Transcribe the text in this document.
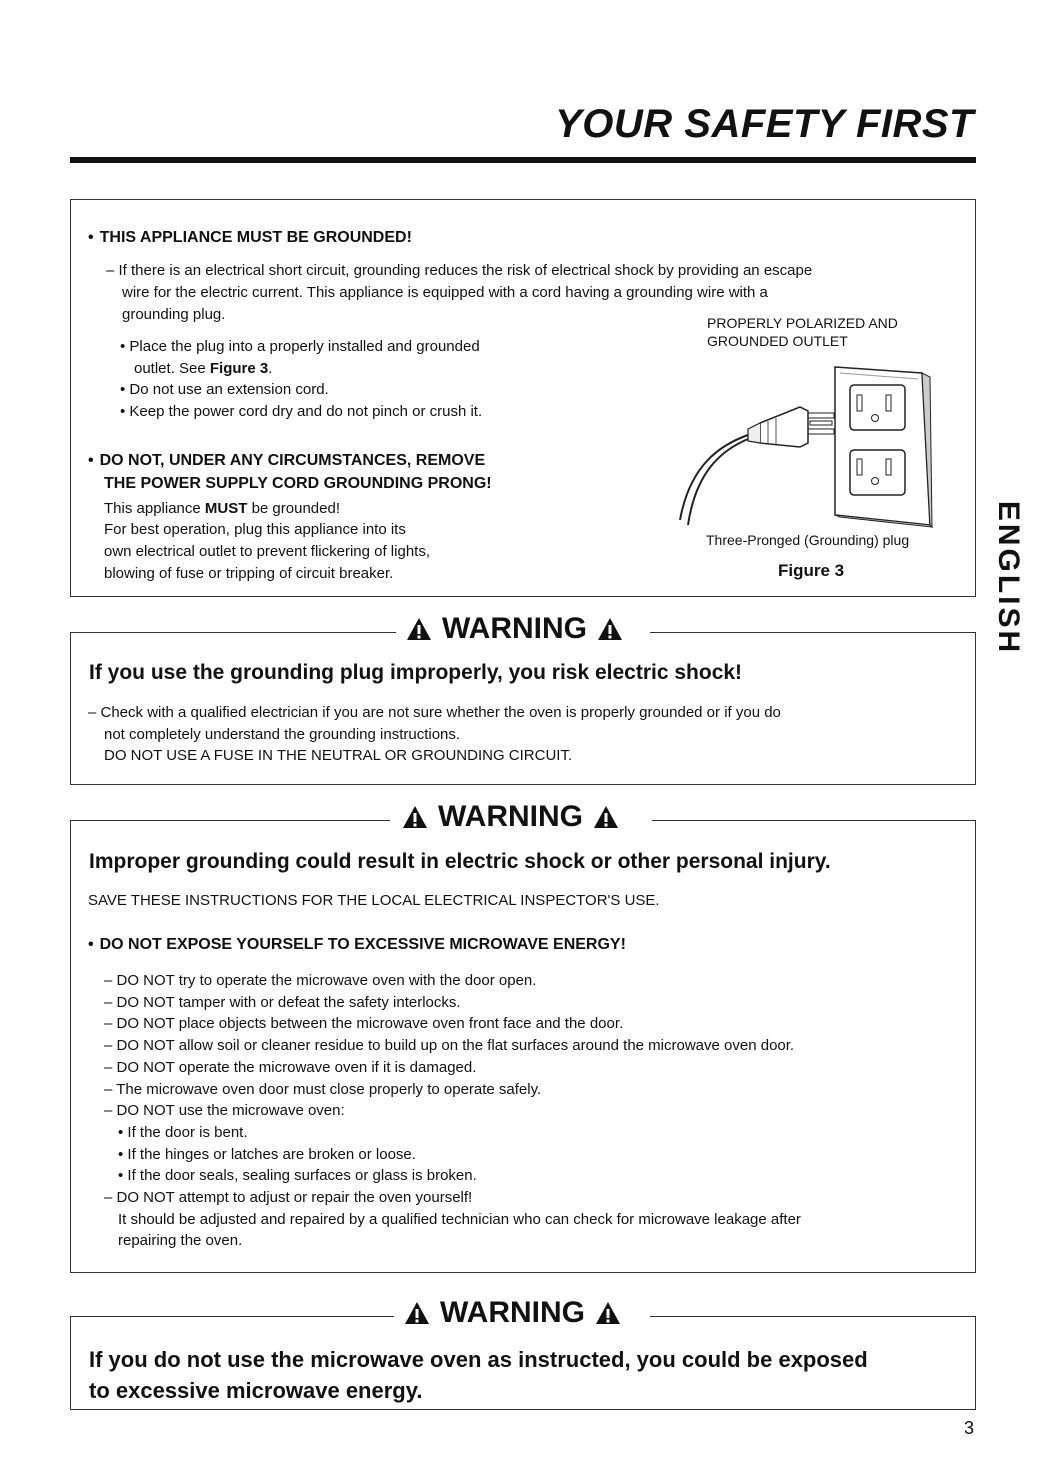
YOUR SAFETY FIRST
ENGLISH
• THIS APPLIANCE MUST BE GROUNDED!
– If there is an electrical short circuit, grounding reduces the risk of electrical shock by providing an escape
wire for the electric current. This appliance is equipped with a cord having a grounding wire with a
grounding plug.
• Place the plug into a properly installed and grounded
outlet. See Figure 3.
• Do not use an extension cord.
• Keep the power cord dry and do not pinch or crush it.
• DO NOT, UNDER ANY CIRCUMSTANCES, REMOVE
THE POWER SUPPLY CORD GROUNDING PRONG!
This appliance MUST be grounded!
For best operation, plug this appliance into its
own electrical outlet to prevent flickering of lights,
blowing of fuse or tripping of circuit breaker.
PROPERLY POLARIZED AND
GROUNDED OUTLET
Three-Pronged (Grounding) plug
Figure 3
WARNING
If you use the grounding plug improperly, you risk electric shock!
– Check with a qualified electrician if you are not sure whether the oven is properly grounded or if you do
not completely understand the grounding instructions.
DO NOT USE A FUSE IN THE NEUTRAL OR GROUNDING CIRCUIT.
WARNING
Improper grounding could result in electric shock or other personal injury.
SAVE THESE INSTRUCTIONS FOR THE LOCAL ELECTRICAL INSPECTOR'S USE.
• DO NOT EXPOSE YOURSELF TO EXCESSIVE MICROWAVE ENERGY!
– DO NOT try to operate the microwave oven with the door open.
– DO NOT tamper with or defeat the safety interlocks.
– DO NOT place objects between the microwave oven front face and the door.
– DO NOT allow soil or cleaner residue to build up on the flat surfaces around the microwave oven door.
– DO NOT operate the microwave oven if it is damaged.
– The microwave oven door must close properly to operate safely.
– DO NOT use the microwave oven:
• If the door is bent.
• If the hinges or latches are broken or loose.
• If the door seals, sealing surfaces or glass is broken.
– DO NOT attempt to adjust or repair the oven yourself!
It should be adjusted and repaired by a qualified technician who can check for microwave leakage after
repairing the oven.
WARNING
If you do not use the microwave oven as instructed, you could be exposed
to excessive microwave energy.
3
